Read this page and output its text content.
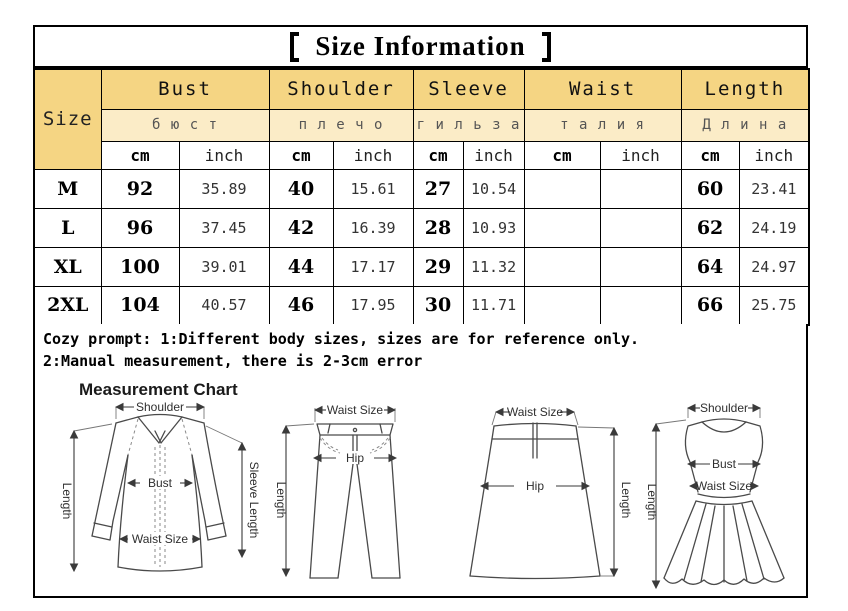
Size Information
Size	Bust		Shoulder		Sleeve		Waist		Length	
	б ю с т		п л е ч о		г и л ь з а		т а л и я		Д л и н а	
	cm	inch	cm	inch	cm	inch	cm	inch	cm	inch
M	92	35.89	40	15.61	27	10.54			60	23.41
L	96	37.45	42	16.39	28	10.93			62	24.19
XL	100	39.01	44	17.17	29	11.32			64	24.97
2XL	104	40.57	46	17.95	30	11.71			66	25.75
Cozy prompt: 1:Different body sizes, sizes are for reference only.
2:Manual measurement, there is 2-3cm error
Measurement Chart
Shoulder
Length	Bust
Waist Size
Sleeve Length
Waist Size
Hip
Length
Waist Size
Hip	Length
Shoulder
Bust
Waist Size
Length
